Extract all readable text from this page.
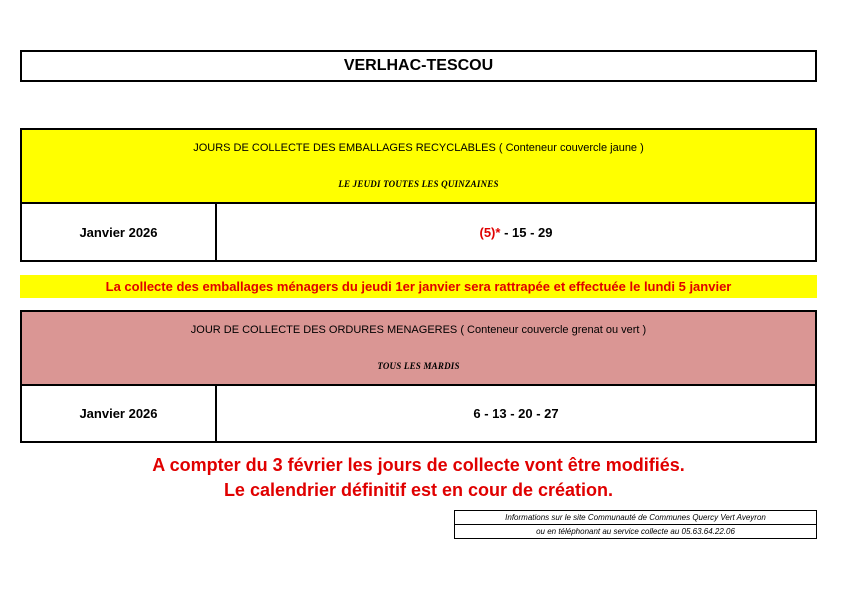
VERLHAC-TESCOU
JOURS DE COLLECTE DES EMBALLAGES RECYCLABLES ( Conteneur couvercle jaune )
LE JEUDI TOUTES LES QUINZAINES
Janvier 2026	(5)* - 15 - 29
La collecte des emballages ménagers du jeudi 1er janvier sera rattrapée et effectuée le lundi 5 janvier
JOUR DE COLLECTE DES ORDURES MENAGERES ( Conteneur couvercle grenat ou vert )
TOUS LES MARDIS
Janvier 2026	6 - 13 - 20 - 27
A compter du 3 février les jours de collecte vont être modifiés.
Le calendrier définitif est en cour de création.
Informations sur le site Communauté de Communes Quercy Vert Aveyron
ou en téléphonant au service collecte au 05.63.64.22.06
